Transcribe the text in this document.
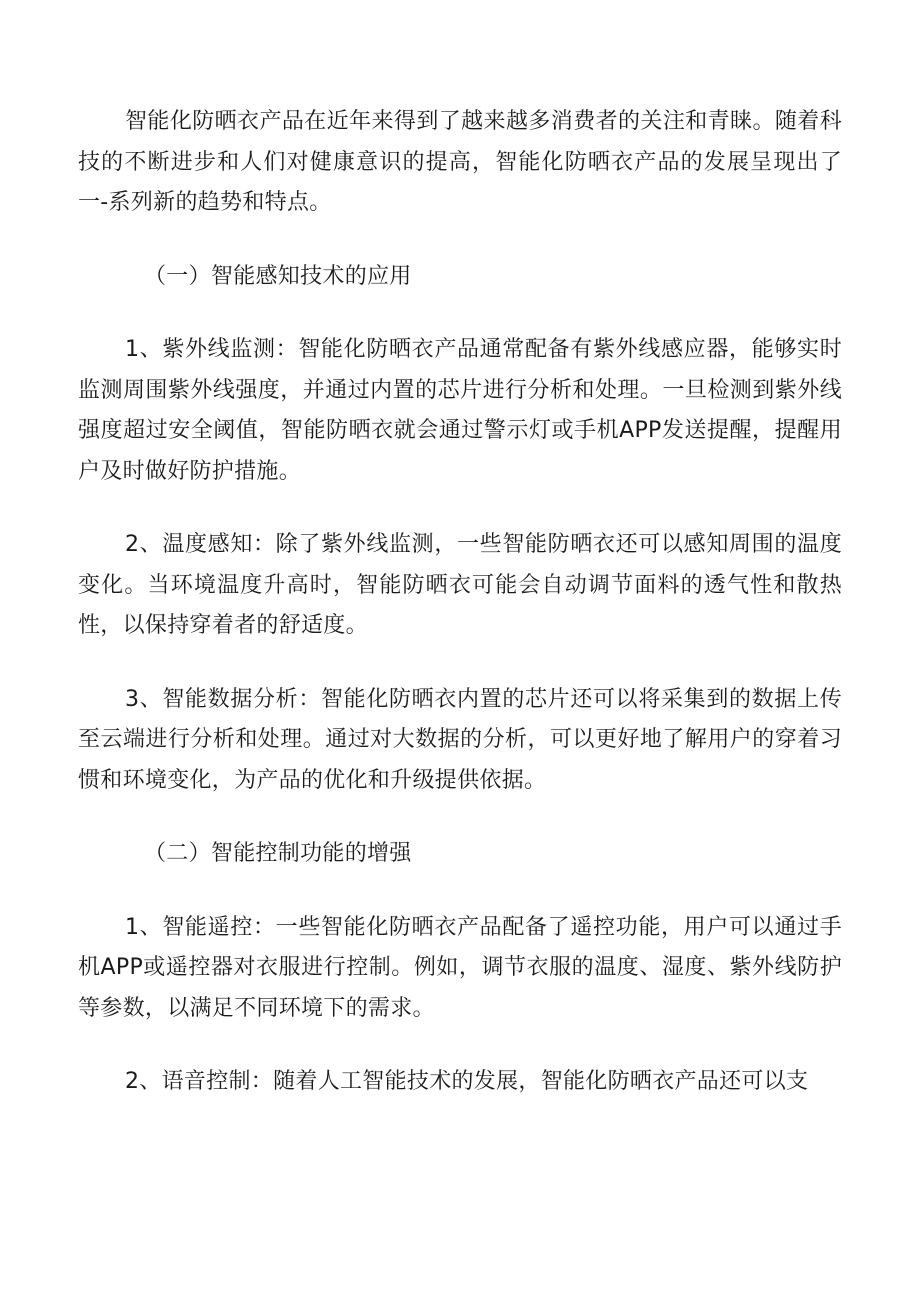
智能化防晒衣产品在近年来得到了越来越多消费者的关注和青睐。随着科技的不断进步和人们对健康意识的提高，智能化防晒衣产品的发展呈现出了一-系列新的趋势和特点。

（一）智能感知技术的应用

1、紫外线监测：智能化防晒衣产品通常配备有紫外线感应器，能够实时监测周围紫外线强度，并通过内置的芯片进行分析和处理。一旦检测到紫外线强度超过安全阈值，智能防晒衣就会通过警示灯或手机APP发送提醒，提醒用户及时做好防护措施。

2、温度感知：除了紫外线监测，一些智能防晒衣还可以感知周围的温度变化。当环境温度升高时，智能防晒衣可能会自动调节面料的透气性和散热性，以保持穿着者的舒适度。

3、智能数据分析：智能化防晒衣内置的芯片还可以将采集到的数据上传至云端进行分析和处理。通过对大数据的分析，可以更好地了解用户的穿着习惯和环境变化，为产品的优化和升级提供依据。

（二）智能控制功能的增强

1、智能遥控：一些智能化防晒衣产品配备了遥控功能，用户可以通过手机APP或遥控器对衣服进行控制。例如，调节衣服的温度、湿度、紫外线防护等参数，以满足不同环境下的需求。

2、语音控制：随着人工智能技术的发展，智能化防晒衣产品还可以支
